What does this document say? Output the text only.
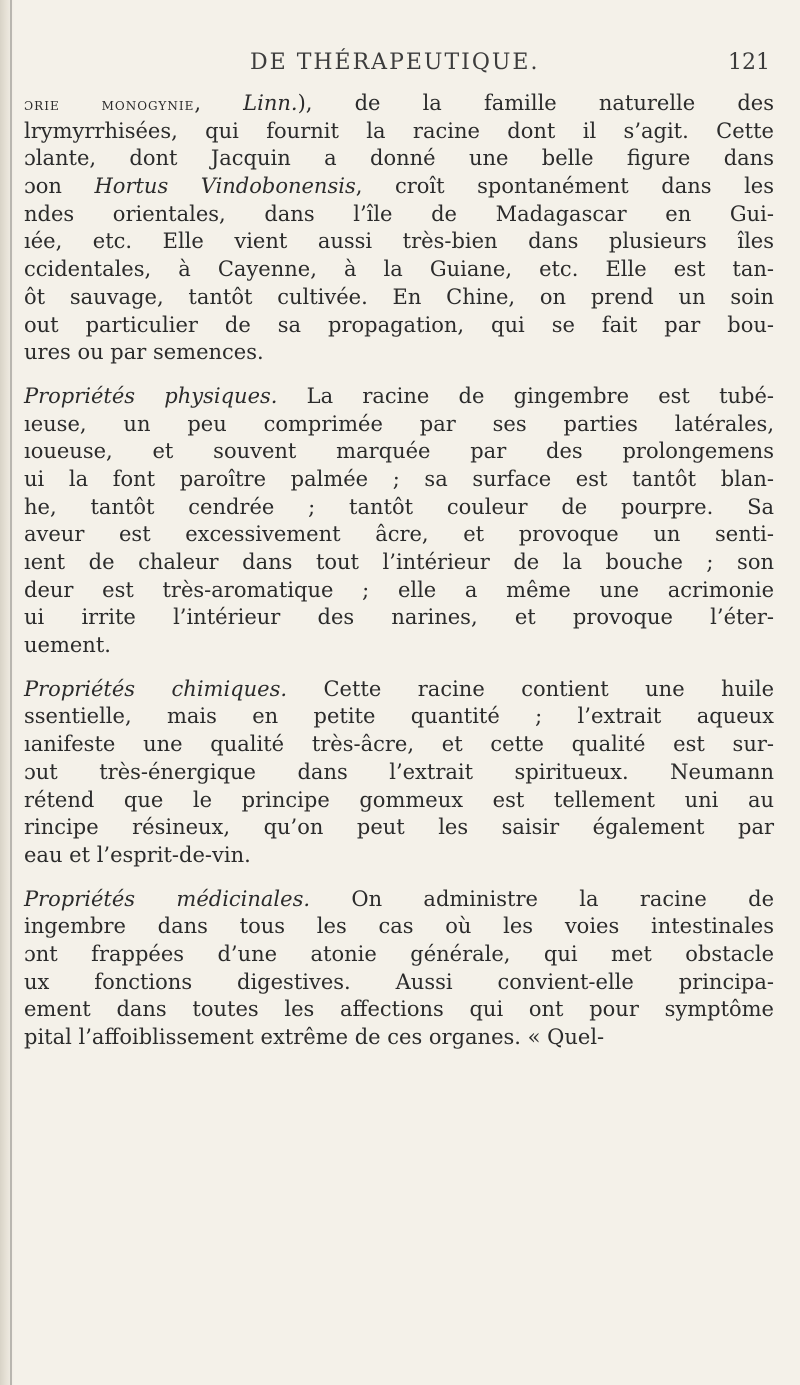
DE THÉRAPEUTIQUE.	121
ɔrie monogynie, Linn.), de la famille naturelle des
lrymyrrhisées, qui fournit la racine dont il s’agit. Cette
ɔlante, dont Jacquin a donné une belle figure dans
ɔon Hortus Vindobonensis, croît spontanément dans les
ndes orientales, dans l’île de Madagascar en Gui-
ıée, etc. Elle vient aussi très-bien dans plusieurs îles
ccidentales, à Cayenne, à la Guiane, etc. Elle est tan-
ôt sauvage, tantôt cultivée. En Chine, on prend un soin
out particulier de sa propagation, qui se fait par bou-
ures ou par semences.
Propriétés physiques. La racine de gingembre est tubé-
ıeuse, un peu comprimée par ses parties latérales,
ıoueuse, et souvent marquée par des prolongemens
ui la font paroître palmée ; sa surface est tantôt blan-
he, tantôt cendrée ; tantôt couleur de pourpre. Sa
aveur est excessivement âcre, et provoque un senti-
ıent de chaleur dans tout l’intérieur de la bouche ; son
deur est très-aromatique ; elle a même une acrimonie
ui irrite l’intérieur des narines, et provoque l’éter-
uement.
Propriétés chimiques. Cette racine contient une huile
ssentielle, mais en petite quantité ; l’extrait aqueux
ıanifeste une qualité très-âcre, et cette qualité est sur-
ɔut très-énergique dans l’extrait spiritueux. Neumann
rétend que le principe gommeux est tellement uni au
rincipe résineux, qu’on peut les saisir également par
eau et l’esprit-de-vin.
Propriétés médicinales. On administre la racine de
ingembre dans tous les cas où les voies intestinales
ɔnt frappées d’une atonie générale, qui met obstacle
ux fonctions digestives. Aussi convient-elle principa-
ement dans toutes les affections qui ont pour symptôme
pital l’affoiblissement extrême de ces organes. « Quel-
